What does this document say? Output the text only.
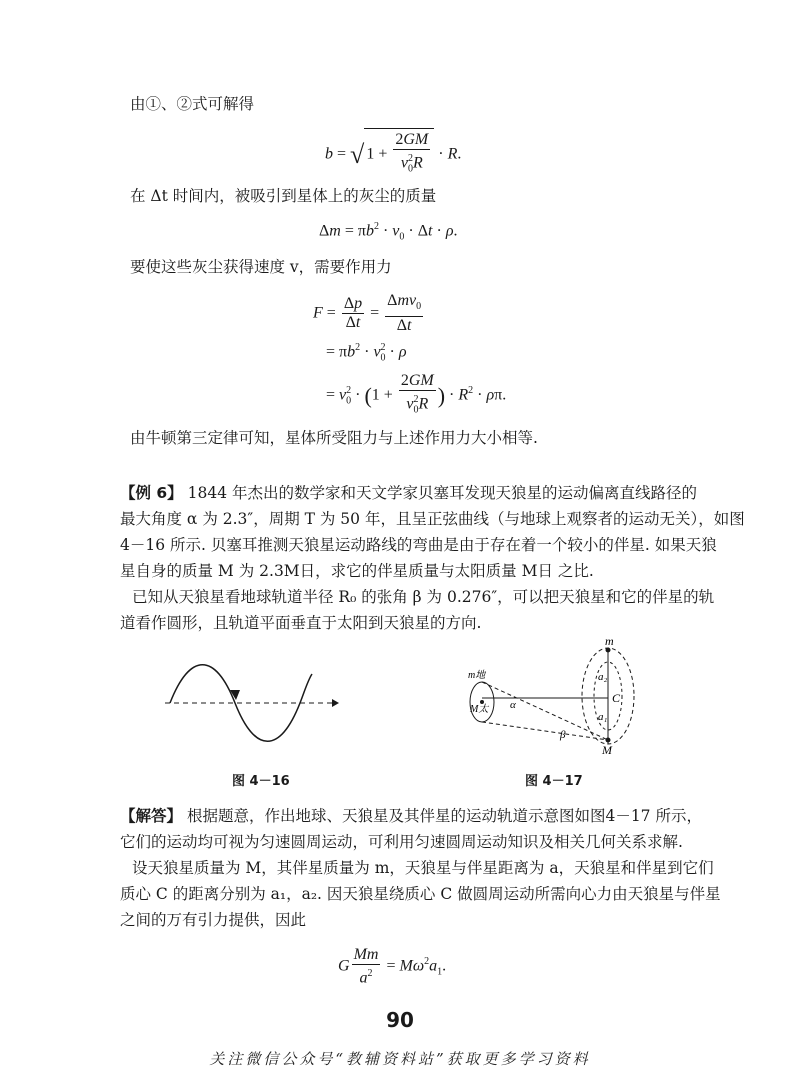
由①、②式可解得
b = √ $1 + \frac{2GM}{v_0^2R} \cdot R$.
在 Δt 时间内，被吸引到星体上的灰尘的质量
$\Delta m = \pi b^2 \cdot v_0 \cdot \Delta t \cdot \rho$.
要使这些灰尘获得速度 v，需要作用力
$F = \frac{\Delta p}{\Delta t} = \frac{\Delta mv_0}{\Delta t}$
= $\pi b^2 \cdot v_0^2 \cdot \rho$
= $v_0^2 \cdot (1 + \frac{2GM}{v_0^2R}$ ) · $R^2 \cdot \rho\pi$.
由牛顿第三定律可知，星体所受阻力与上述作用力大小相等.
【例 6】 1844 年杰出的数学家和天文学家贝塞耳发现天狼星的运动偏离直线路径的
最大角度 α 为 2.3″，周期 T 为 50 年，且呈正弦曲线（与地球上观察者的运动无关），如图
4－16 所示. 贝塞耳推测天狼星运动路线的弯曲是由于存在着一个较小的伴星. 如果天狼
星自身的质量 M 为 2.3M日，求它的伴星质量与太阳质量 M日 之比.
已知从天狼星看地球轨道半径 R₀ 的张角 β 为 0.276″，可以把天狼星和它的伴星的轨
道看作圆形，且轨道平面垂直于太阳到天狼星的方向.
图 4－16
m
a₂
C
a₁
M
m地
M太 α
β
图 4－17
【解答】 根据题意，作出地球、天狼星及其伴星的运动轨道示意图如图4－17 所示，
它们的运动均可视为匀速圆周运动，可利用匀速圆周运动知识及相关几何关系求解.
设天狼星质量为 M，其伴星质量为 m，天狼星与伴星距离为 a，天狼星和伴星到它们
质心 C 的距离分别为 a₁，a₂. 因天狼星绕质心 C 做圆周运动所需向心力由天狼星与伴星
之间的万有引力提供，因此
G $\frac{Mm}{a^2} = M\omega^2a_1$.
90
关注微信公众号“教辅资料站”获取更多学习资料
